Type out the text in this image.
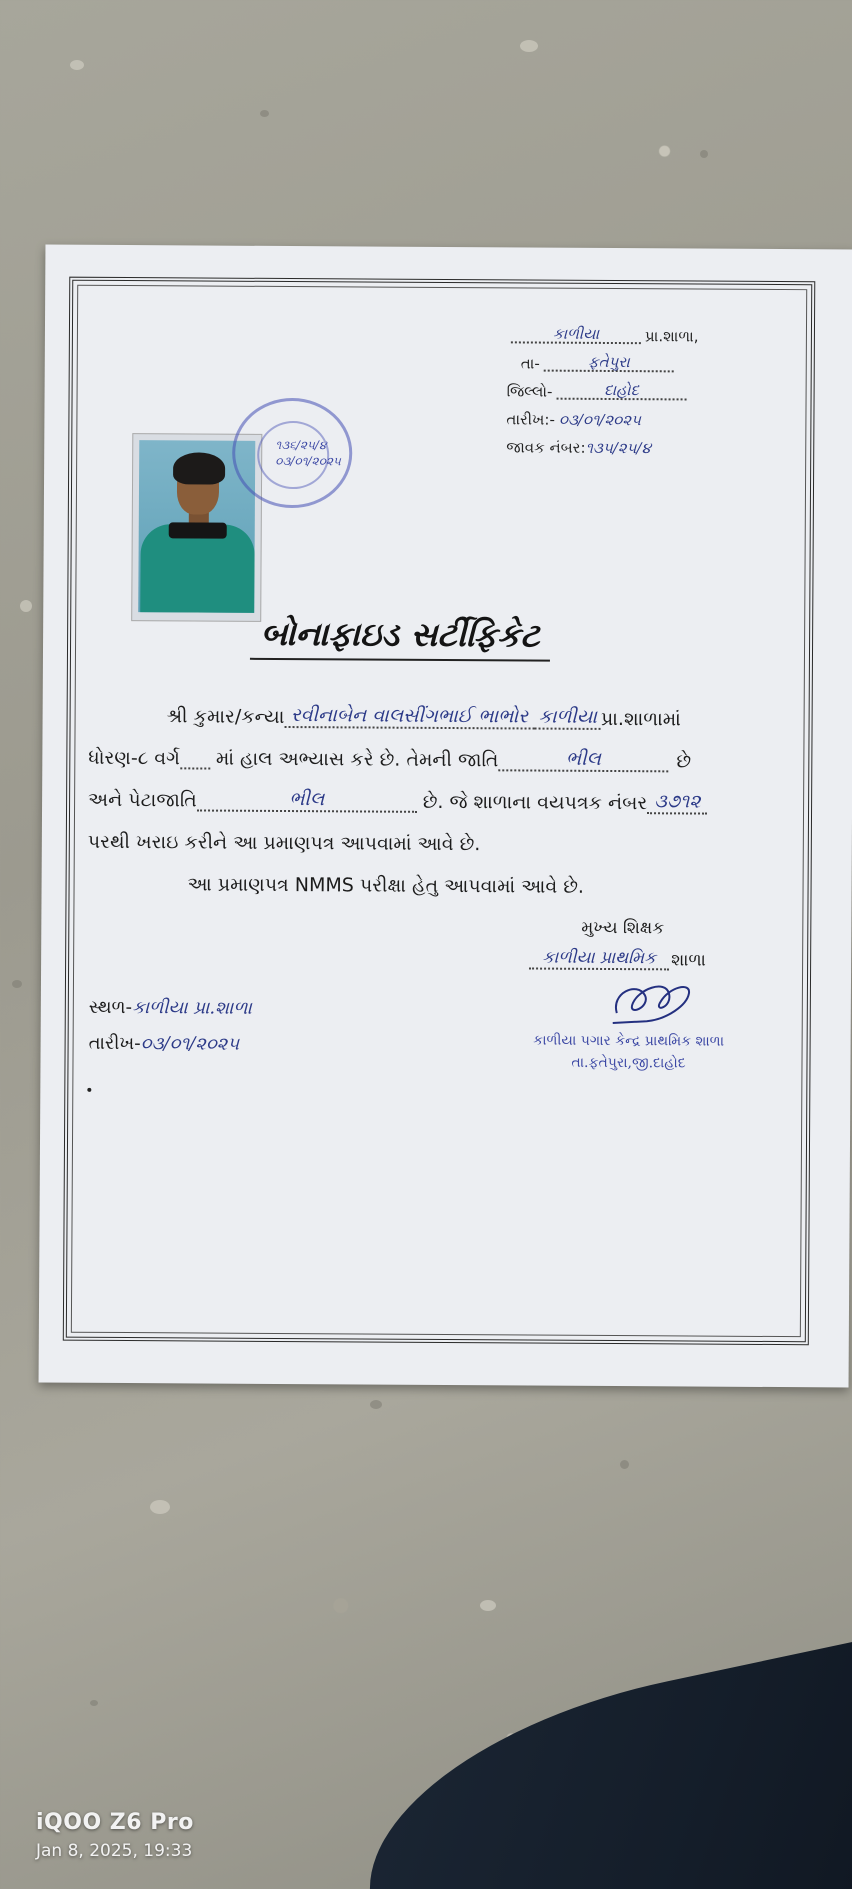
કાળીયા	પ્રા.શાળા,
તા-	ફતેપુરા
જિલ્લો-	દાહોદ
તારીખ:- ૦૩/૦૧/૨૦૨૫
જાવક નંબર: ૧૩૫/૨૫/૪
૧૩૬/૨૫/૪
૦૩/૦૧/૨૦૨૫
બોનાફાઇડ સર્ટીફિકેટ
શ્રી કુમાર/કન્યા રવીનાબેન વાલસીંગભાઈ ભાભોર કાળીયા પ્રા.શાળામાં
ધોરણ-૮ વર્ગ માં હાલ અભ્યાસ કરે છે. તેમની જાતિ	ભીલ	છે
અને પેટાજાતિ	ભીલ	છે. જે શાળાના વયપત્રક નંબર ૩૭૧૨
પરથી ખરાઇ કરીને આ પ્રમાણપત્ર આપવામાં આવે છે.
આ પ્રમાણપત્ર NMMS પરીક્ષા હેતુ આપવામાં આવે છે.
મુખ્ય શિક્ષક
કાળીયા પ્રાથમિક શાળા
કાળીયા પગાર કેન્દ્ર પ્રાથમિક શાળા
તા.ફતેપુરા,જી.દાહોદ
સ્થળ- કાળીયા પ્રા.શાળા
તારીખ- ૦૩/૦૧/૨૦૨૫
iQOO Z6 Pro
Jan 8, 2025, 19:33
